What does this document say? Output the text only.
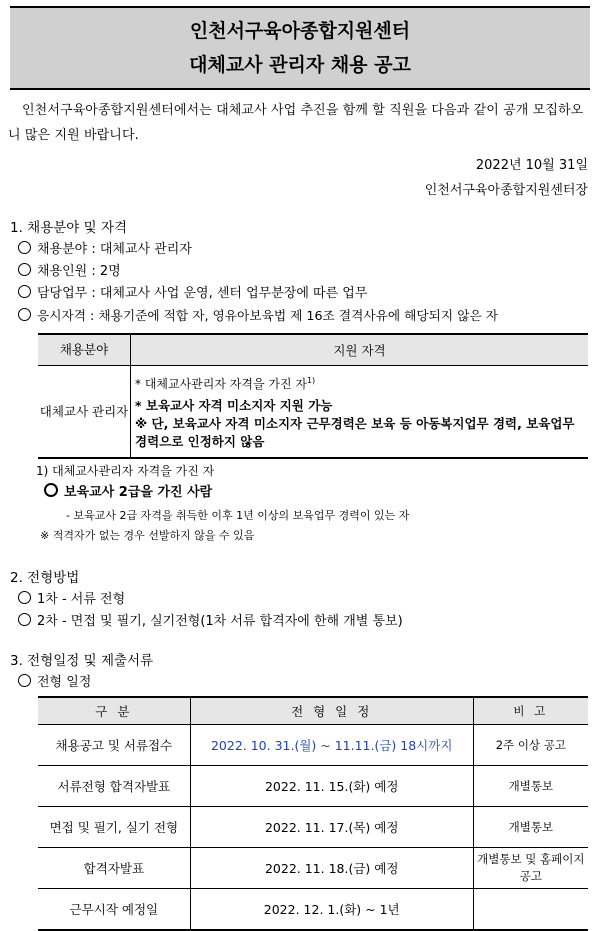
인천서구육아종합지원센터
대체교사 관리자 채용 공고
인천서구육아종합지원센터에서는 대체교사 사업 추진을 함께 할 직원을 다음과 같이 공개 모집하오니 많은 지원 바랍니다.
2022년 10월 31일
인천서구육아종합지원센터장
1. 채용분야 및 자격
채용분야 : 대체교사 관리자
채용인원 : 2명
담당업무 : 대체교사 사업 운영, 센터 업무분장에 따른 업무
응시자격 : 채용기준에 적합 자, 영유아보육법 제 16조 결격사유에 해당되지 않은 자
채용분야	지원 자격
대체교사 관리자	* 대체교사관리자 자격을 가진 자$^{1)}$
* 보육교사 자격 미소지자 지원 가능
※ 단, 보육교사 자격 미소지자 근무경력은 보육 등 아동복지업무 경력, 보육업무 경력으로 인정하지 않음
1) 대체교사관리자 자격을 가진 자
보육교사 2급을 가진 사람
- 보육교사 2급 자격을 취득한 이후 1년 이상의 보육업무 경력이 있는 자
※ 적격자가 없는 경우 선발하지 않을 수 있음
2. 전형방법
1차 - 서류 전형
2차 - 면접 및 필기, 실기전형(1차 서류 합격자에 한해 개별 통보)
3. 전형일정 및 제출서류
전형 일정
구 분	전 형 일 정	비 고
채용공고 및 서류접수	2022. 10. 31.(월) ~ 11.11.(금) 18시까지	2주 이상 공고
서류전형 합격자발표	2022. 11. 15.(화) 예정	개별통보
면접 및 필기, 실기 전형	2022. 11. 17.(목) 예정	개별통보
합격자발표	2022. 11. 18.(금) 예정	개별통보 및 홈페이지 공고
근무시작 예정일	2022. 12. 1.(화) ~ 1년	
